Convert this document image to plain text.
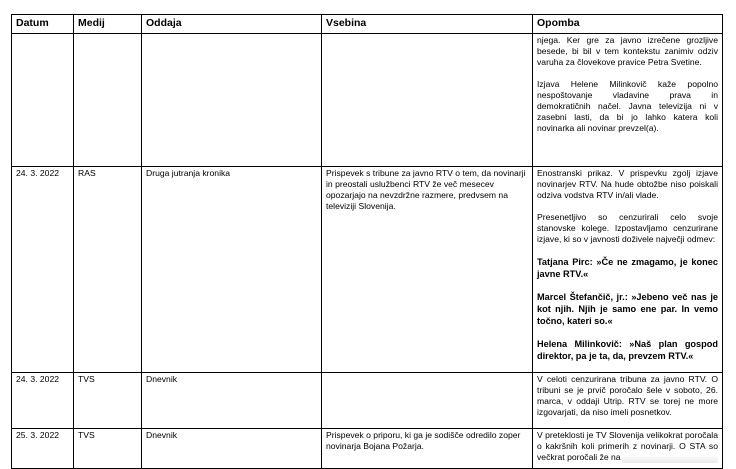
Datum	Medij	Oddaja	Vsebina	Opomba

				njega. Ker gre za javno izrečene grozljive besede, bi bil v tem kontekstu zanimiv odziv varuha za človekove pravice Petra Svetine.

Izjava Helene Milinkovič kaže popolno nespoštovanje vladavine prava in demokratičnih načel. Javna televizija ni v zasebni lasti, da bi jo lahko katera koli novinarka ali novinar prevzel(a).

24. 3. 2022	RAS	Druga jutranja kronika	Prispevek s tribune za javno RTV o tem, da novinarji in preostali uslužbenci RTV že več mesecev opozarjajo na nevzdržne razmere, predvsem na televiziji Slovenija.	Enostranski prikaz. V prispevku zgolj izjave novinarjev RTV. Na hude obtožbe niso poiskali odziva vodstva RTV in/ali vlade.

Presenetljivo so cenzurirali celo svoje stanovske kolege. Izpostavljamo cenzurirane izjave, ki so v javnosti doživele največji odmev:

Tatjana Pirc: »Če ne zmagamo, je konec javne RTV.«

Marcel Štefančič, jr.: »Jebeno več nas je kot njih. Njih je samo ene par. In vemo točno, kateri so.«

Helena Milinkovič: »Naš plan gospod direktor, pa je ta, da, prevzem RTV.«

24. 3. 2022	TVS	Dnevnik		V celoti cenzurirana tribuna za javno RTV. O tribuni se je prvič poročalo šele v soboto, 26. marca, v oddaji Utrip. RTV se torej ne more izgovarjati, da niso imeli posnetkov.

25. 3. 2022	TVS	Dnevnik	Prispevek o priporu, ki ga je sodišče odredilo zoper novinarja Bojana Požarja.	V preteklosti je TV Slovenija velikokrat poročala o kakršnih koli primerih z novinarji. O STA so večkrat poročali že na
